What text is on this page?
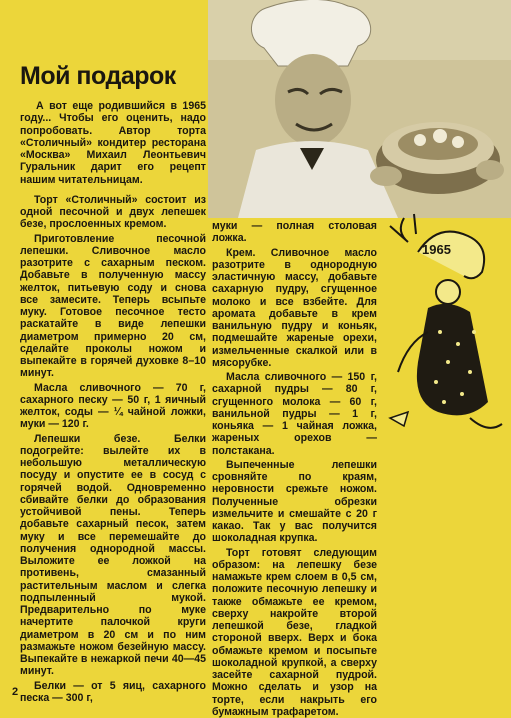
Мой подарок

А вот еще родившийся в 1965 году... Чтобы его оценить, надо попробовать. Автор торта «Столичный» кондитер ресторана «Москва» Михаил Леонтьевич Гуральник дарит его рецепт нашим читательницам.

Торт «Столичный» состоит из одной песочной и двух лепешек безе, прослоенных кремом.

Приготовление песочной лепешки. Сливочное масло разотрите с сахарным песком. Добавьте в полученную массу желток, питьевую соду и снова все замесите. Теперь всыпьте муку. Готовое песочное тесто раскатайте в виде лепешки диаметром примерно 20 см, сделайте проколы ножом и выпекайте в горячей духовке 8–10 минут.

Масла сливочного — 70 г, сахарного песку — 50 г, 1 яичный желток, соды — ¼ чайной ложки, муки — 120 г.

Лепешки безе. Белки подогрейте: вылейте их в небольшую металлическую посуду и опустите ее в сосуд с горячей водой. Одновременно сбивайте белки до образования устойчивой пены. Теперь добавьте сахарный песок, затем муку и все перемешайте до получения однородной массы. Выложите ее ложкой на противень, смазанный растительным маслом и слегка подпыленный мукой. Предварительно по муке начертите палочкой круги диаметром в 20 см и по ним размажьте ножом безейную массу. Выпекайте в нежаркой печи 40—45 минут.

Белки — от 5 яиц, сахарного песка — 300 г,

муки — полная столовая ложка.

Крем. Сливочное масло разотрите в однородную эластичную массу, добавьте сахарную пудру, сгущенное молоко и все взбейте. Для аромата добавьте в крем ванильную пудру и коньяк, подмешайте жареные орехи, измельченные скалкой или в мясорубке.

Масла сливочного — 150 г, сахарной пудры — 80 г, сгущенного молока — 60 г, ванильной пудры — 1 г, коньяка — 1 чайная ложка, жареных орехов — полстакана.

Выпеченные лепешки сровняйте по краям, неровности срежьте ножом. Полученные обрезки измельчите и смешайте с 20 г какао. Так у вас получится шоколадная крупка.

Торт готовят следующим образом: на лепешку безе намажьте крем слоем в 0,5 см, положите песочную лепешку и также обмажьте ее кремом, сверху накройте второй лепешкой безе, гладкой стороной вверх. Верх и бока обмажьте кремом и посыпьте шоколадной крупкой, а сверху засейте сахарной пудрой. Можно сделать и узор на торте, если накрыть его бумажным трафаретом.

1965
2
